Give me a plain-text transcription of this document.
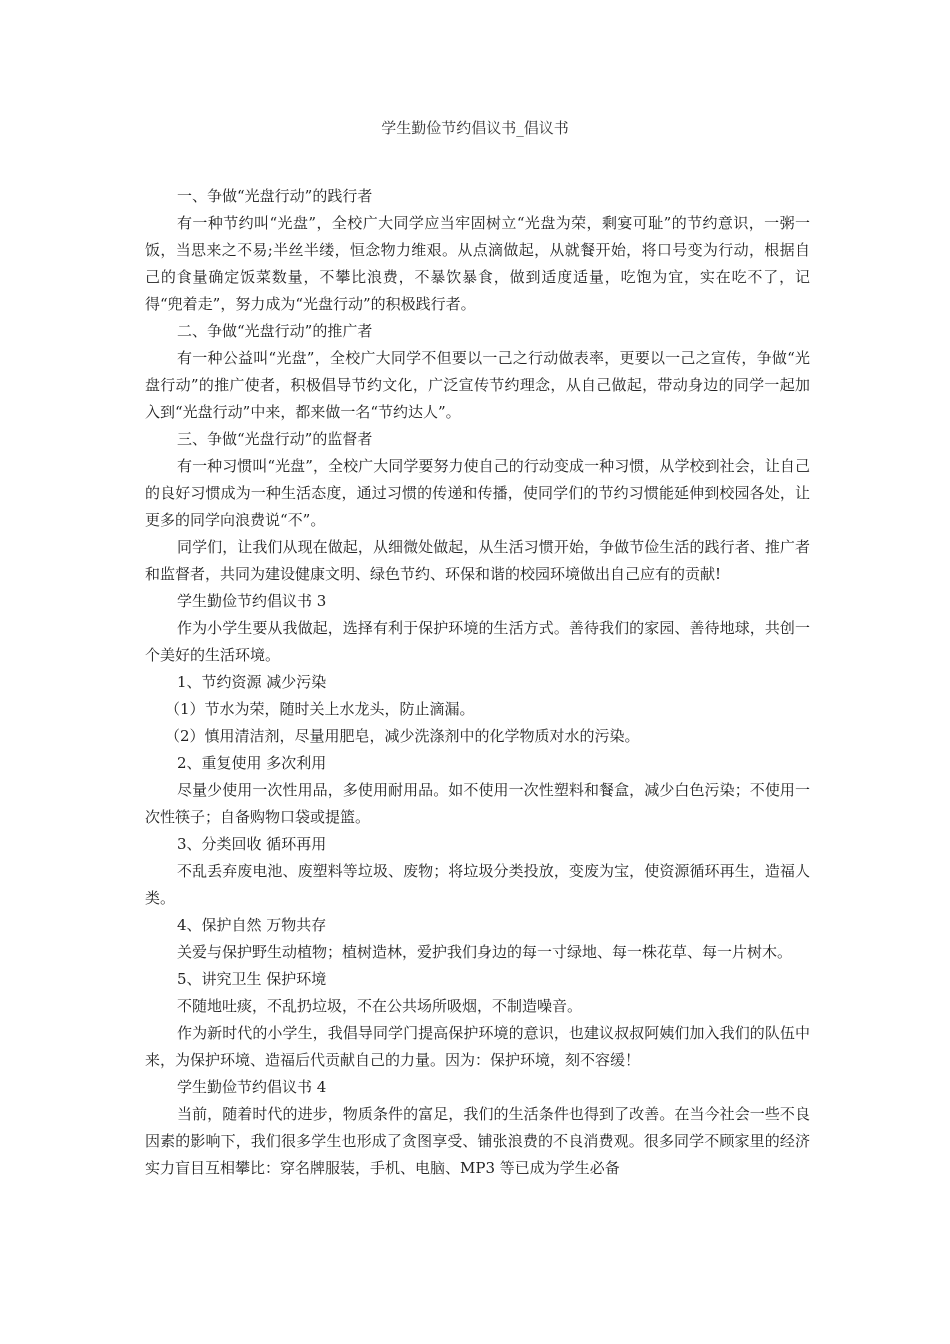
学生勤俭节约倡议书_倡议书

一、争做“光盘行动”的践行者

有一种节约叫“光盘”，全校广大同学应当牢固树立“光盘为荣，剩宴可耻”的节约意识，一粥一饭，当思来之不易;半丝半缕，恒念物力维艰。从点滴做起，从就餐开始，将口号变为行动，根据自己的食量确定饭菜数量，不攀比浪费，不暴饮暴食，做到适度适量，吃饱为宜，实在吃不了，记得“兜着走”，努力成为“光盘行动”的积极践行者。

二、争做“光盘行动”的推广者

有一种公益叫“光盘”，全校广大同学不但要以一己之行动做表率，更要以一己之宣传，争做“光盘行动”的推广使者，积极倡导节约文化，广泛宣传节约理念，从自己做起，带动身边的同学一起加入到“光盘行动”中来，都来做一名“节约达人”。

三、争做“光盘行动”的监督者

有一种习惯叫“光盘”，全校广大同学要努力使自己的行动变成一种习惯，从学校到社会，让自己的良好习惯成为一种生活态度，通过习惯的传递和传播，使同学们的节约习惯能延伸到校园各处，让更多的同学向浪费说“不”。

同学们，让我们从现在做起，从细微处做起，从生活习惯开始，争做节俭生活的践行者、推广者和监督者，共同为建设健康文明、绿色节约、环保和谐的校园环境做出自己应有的贡献!

学生勤俭节约倡议书 3

作为小学生要从我做起，选择有利于保护环境的生活方式。善待我们的家园、善待地球，共创一个美好的生活环境。

1、节约资源 减少污染

（1）节水为荣，随时关上水龙头，防止滴漏。

（2）慎用清洁剂，尽量用肥皂，减少洗涤剂中的化学物质对水的污染。

2、重复使用 多次利用

尽量少使用一次性用品，多使用耐用品。如不使用一次性塑料和餐盒，减少白色污染；不使用一次性筷子；自备购物口袋或提篮。

3、分类回收 循环再用

不乱丢弃废电池、废塑料等垃圾、废物；将垃圾分类投放，变废为宝，使资源循环再生，造福人类。

4、保护自然 万物共存

关爱与保护野生动植物；植树造林，爱护我们身边的每一寸绿地、每一株花草、每一片树木。

5、讲究卫生 保护环境

不随地吐痰，不乱扔垃圾，不在公共场所吸烟，不制造噪音。

作为新时代的小学生，我倡导同学门提高保护环境的意识，也建议叔叔阿姨们加入我们的队伍中来，为保护环境、造福后代贡献自己的力量。因为：保护环境，刻不容缓！

学生勤俭节约倡议书 4

当前，随着时代的进步，物质条件的富足，我们的生活条件也得到了改善。在当今社会一些不良因素的影响下，我们很多学生也形成了贪图享受、铺张浪费的不良消费观。很多同学不顾家里的经济实力盲目互相攀比：穿名牌服装，手机、电脑、MP3 等已成为学生必备
